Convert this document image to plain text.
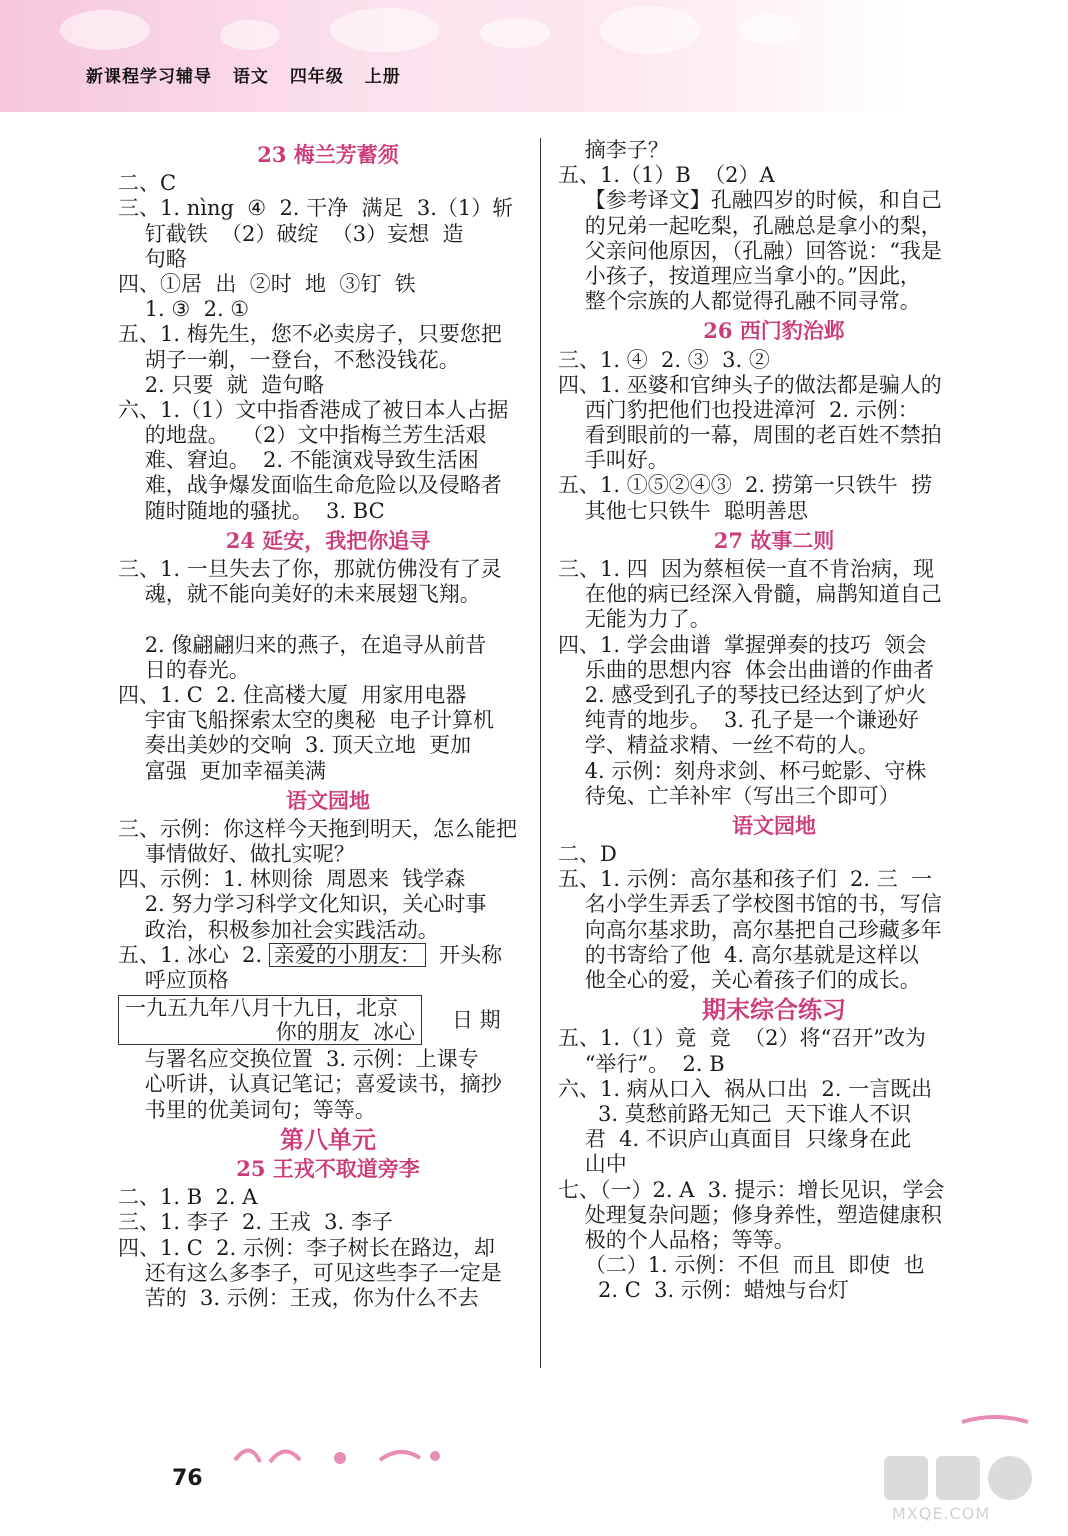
新课程学习辅导 语文 四年级 上册
23 梅兰芳蓄须
二、C
三、1. nìng  ④  2. 干净  满足  3.（1）斩
钉截铁  （2）破绽  （3）妄想  造
句略
四、①居  出  ②时  地  ③钉  铁
1. ③  2. ①
五、1. 梅先生，您不必卖房子，只要您把
胡子一剃，一登台，不愁没钱花。
2. 只要  就  造句略
六、1.（1）文中指香港成了被日本人占据
的地盘。  （2）文中指梅兰芳生活艰
难、窘迫。  2. 不能演戏导致生活困
难，战争爆发面临生命危险以及侵略者
随时随地的骚扰。  3. BC
24 延安，我把你追寻
三、1. 一旦失去了你，那就仿佛没有了灵
魂，就不能向美好的未来展翅飞翔。
2. 像翩翩归来的燕子，在追寻从前昔
日的春光。
四、1. C  2. 住高楼大厦  用家用电器
宇宙飞船探索太空的奥秘  电子计算机
奏出美妙的交响  3. 顶天立地  更加
富强  更加幸福美满
语文园地
三、示例：你这样今天拖到明天，怎么能把
事情做好、做扎实呢？
四、示例：1. 林则徐  周恩来  钱学森
2. 努力学习科学文化知识，关心时事
政治，积极参加社会实践活动。
五、1. 冰心  2. 亲爱的小朋友：  开头称
呼应顶格
一九五九年八月十九日，北京
你的朋友  冰心
日 期
与署名应交换位置  3. 示例：上课专
心听讲，认真记笔记；喜爱读书，摘抄
书里的优美词句；等等。
第八单元
25 王戎不取道旁李
二、1. B  2. A
三、1. 李子  2. 王戎  3. 李子
四、1. C  2. 示例：李子树长在路边，却
还有这么多李子，可见这些李子一定是
苦的  3. 示例：王戎，你为什么不去
摘李子？
五、1.（1）B  （2）A
【参考译文】孔融四岁的时候，和自己
的兄弟一起吃梨，孔融总是拿小的梨，
父亲问他原因，（孔融）回答说：“我是
小孩子，按道理应当拿小的。”因此，
整个宗族的人都觉得孔融不同寻常。
26 西门豹治邺
三、1. ④  2. ③  3. ②
四、1. 巫婆和官绅头子的做法都是骗人的
西门豹把他们也投进漳河  2. 示例：
看到眼前的一幕，周围的老百姓不禁拍
手叫好。
五、1. ①⑤②④③  2. 捞第一只铁牛  捞
其他七只铁牛  聪明善思
27 故事二则
三、1. 四  因为蔡桓侯一直不肯治病，现
在他的病已经深入骨髓，扁鹊知道自己
无能为力了。
四、1. 学会曲谱  掌握弹奏的技巧  领会
乐曲的思想内容  体会出曲谱的作曲者
2. 感受到孔子的琴技已经达到了炉火
纯青的地步。  3. 孔子是一个谦逊好
学、精益求精、一丝不苟的人。
4. 示例：刻舟求剑、杯弓蛇影、守株
待兔、亡羊补牢（写出三个即可）
语文园地
二、D
五、1. 示例：高尔基和孩子们  2. 三  一
名小学生弄丢了学校图书馆的书，写信
向高尔基求助，高尔基把自己珍藏多年
的书寄给了他  4. 高尔基就是这样以
他全心的爱，关心着孩子们的成长。
期末综合练习
五、1.（1）竟  竞  （2）将“召开”改为
“举行”。  2. B
六、1. 病从口入  祸从口出  2. 一言既出
3. 莫愁前路无知己  天下谁人不识
君  4. 不识庐山真面目  只缘身在此
山中
七、（一）2. A  3. 提示：增长见识，学会
处理复杂问题；修身养性，塑造健康积
极的个人品格；等等。
（二）1. 示例：不但  而且  即使  也
2. C  3. 示例：蜡烛与台灯
76
MXQE.COM
